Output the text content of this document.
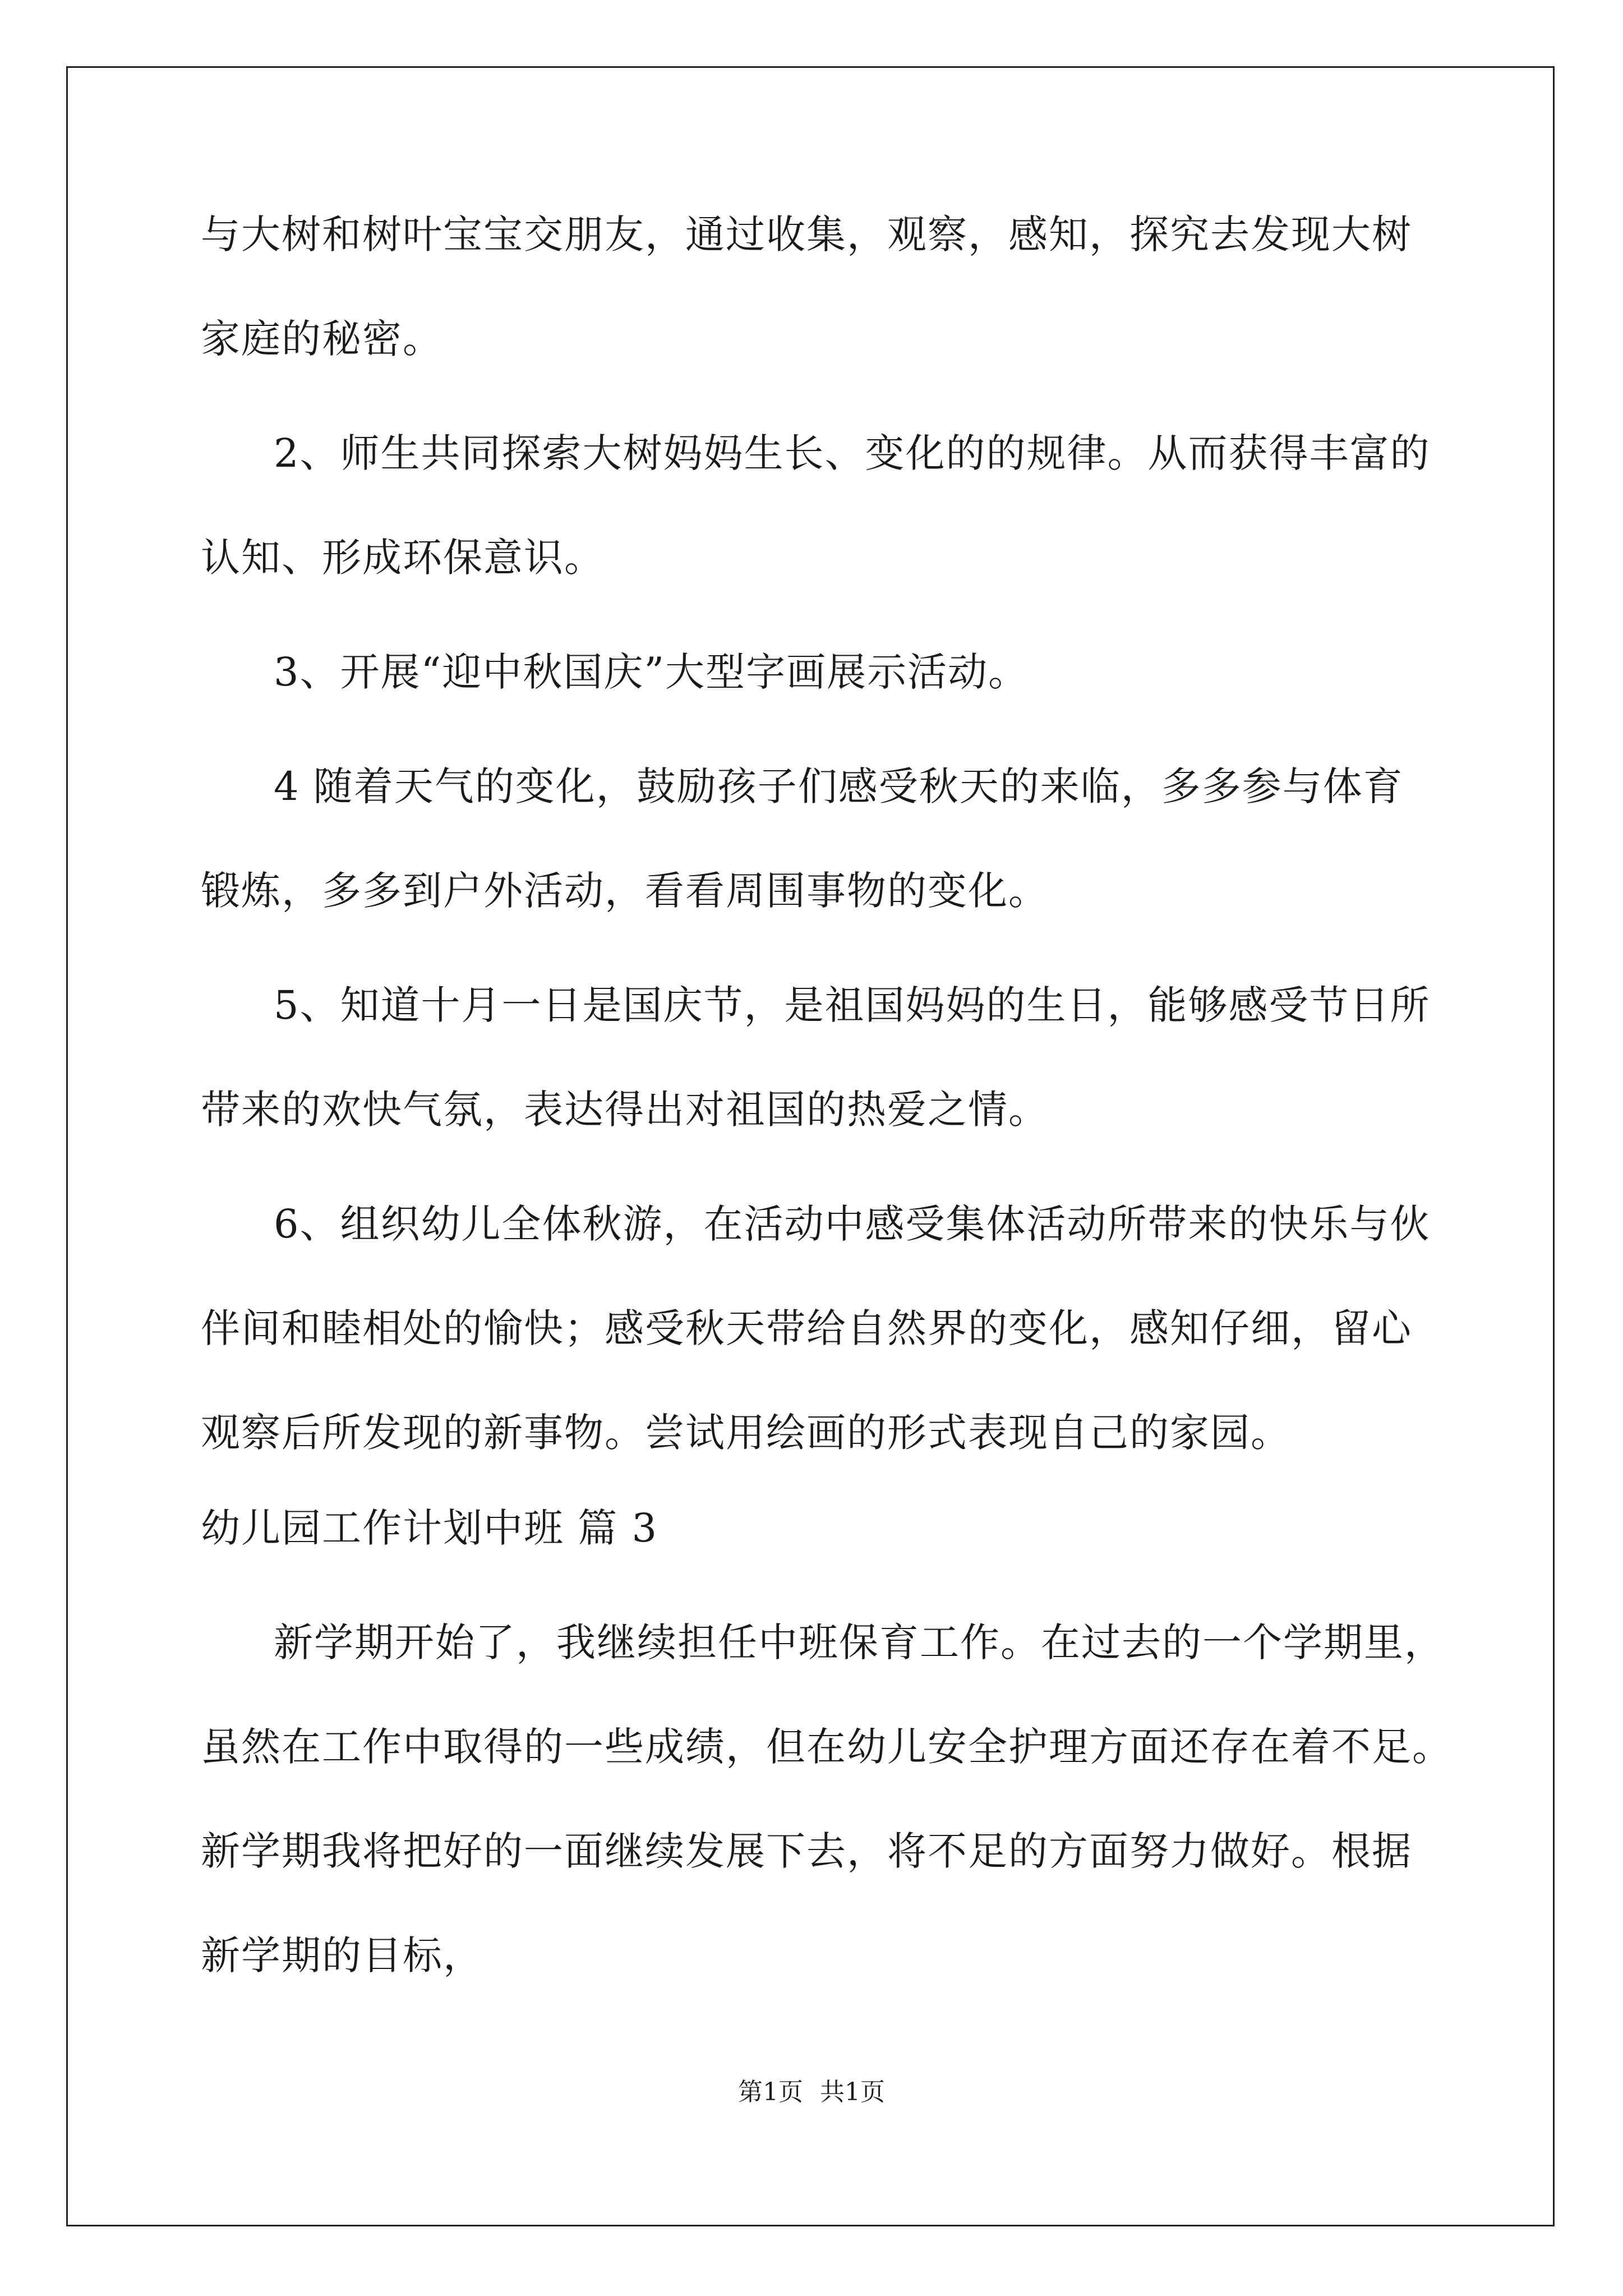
与大树和树叶宝宝交朋友，通过收集，观察，感知，探究去发现大树
家庭的秘密。
2、师生共同探索大树妈妈生长、变化的的规律。从而获得丰富的
认知、形成环保意识。
3、开展“迎中秋国庆”大型字画展示活动。
4 随着天气的变化，鼓励孩子们感受秋天的来临，多多参与体育
锻炼，多多到户外活动，看看周围事物的变化。
5、知道十月一日是国庆节，是祖国妈妈的生日，能够感受节日所
带来的欢快气氛，表达得出对祖国的热爱之情。
6、组织幼儿全体秋游，在活动中感受集体活动所带来的快乐与伙
伴间和睦相处的愉快；感受秋天带给自然界的变化，感知仔细，留心
观察后所发现的新事物。尝试用绘画的形式表现自己的家园。
幼儿园工作计划中班 篇 3
新学期开始了，我继续担任中班保育工作。在过去的一个学期里，
虽然在工作中取得的一些成绩，但在幼儿安全护理方面还存在着不足。
新学期我将把好的一面继续发展下去，将不足的方面努力做好。根据
新学期的目标，
第1页 共1页
